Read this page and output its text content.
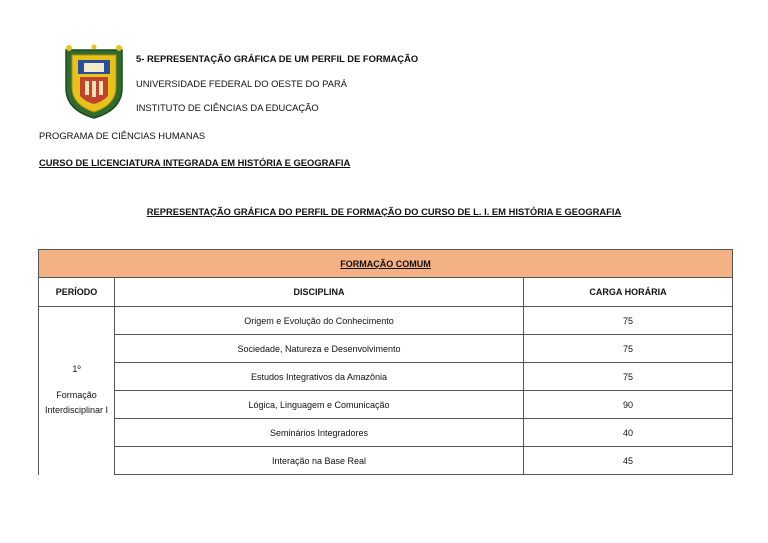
5- REPRESENTAÇÃO GRÁFICA DE UM PERFIL DE FORMAÇÃO
UNIVERSIDADE FEDERAL DO OESTE DO PARÁ
INSTITUTO DE CIÊNCIAS DA EDUCAÇÃO
PROGRAMA DE CIÊNCIAS HUMANAS
CURSO DE LICENCIATURA INTEGRADA EM HISTÓRIA E GEOGRAFIA
REPRESENTAÇÃO GRÁFICA DO PERFIL DE FORMAÇÃO DO CURSO DE L. I. EM HISTÓRIA E GEOGRAFIA
FORMAÇÃO COMUM		
PERÍODO	DISCIPLINA	CARGA HORÁRIA

1º
Formação
Interdisciplinar I	Origem e Evolução do Conhecimento	75
	Sociedade, Natureza e Desenvolvimento	75
	Estudos Integrativos da Amazônia	75
	Lógica, Linguagem e Comunicação	90
	Seminários Integradores	40
	Interação na Base Real	45
